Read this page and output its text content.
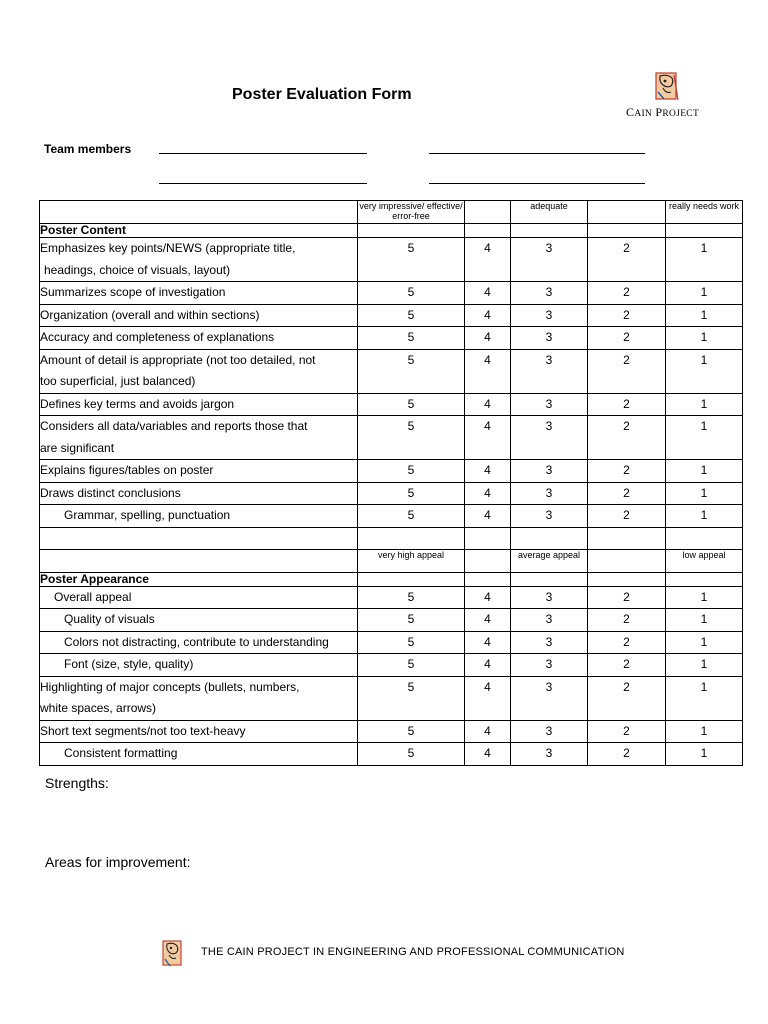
Poster Evaluation Form
CAIN PROJECT
Team members
	very impressive/ effective/ error-free		adequate		really needs work
Poster Content					

Emphasizes key points/NEWS (appropriate title,
headings, choice of visuals, layout)	5	4	3	2	1

Summarizes scope of investigation	5	4	3	2	1

Organization (overall and within sections)	5	4	3	2	1

Accuracy and completeness of explanations	5	4	3	2	1

Amount of detail is appropriate (not too detailed, not
too superficial, just balanced)	5	4	3	2	1

Defines key terms and avoids jargon	5	4	3	2	1

Considers all data/variables and reports those that
are significant	5	4	3	2	1

Explains figures/tables on poster	5	4	3	2	1

Draws distinct conclusions	5	4	3	2	1

Grammar, spelling, punctuation	5	4	3	2	1

	very high appeal		average appeal		low appeal
Poster Appearance					

Overall appeal	5	4	3	2	1

Quality of visuals	5	4	3	2	1

Colors not distracting, contribute to understanding	5	4	3	2	1

Font (size, style, quality)	5	4	3	2	1

Highlighting of major concepts (bullets, numbers,
white spaces, arrows)	5	4	3	2	1

Short text segments/not too text-heavy	5	4	3	2	1

Consistent formatting	5	4	3	2	1
Strengths:
Areas for improvement:
THE CAIN PROJECT IN ENGINEERING AND PROFESSIONAL COMMUNICATION
